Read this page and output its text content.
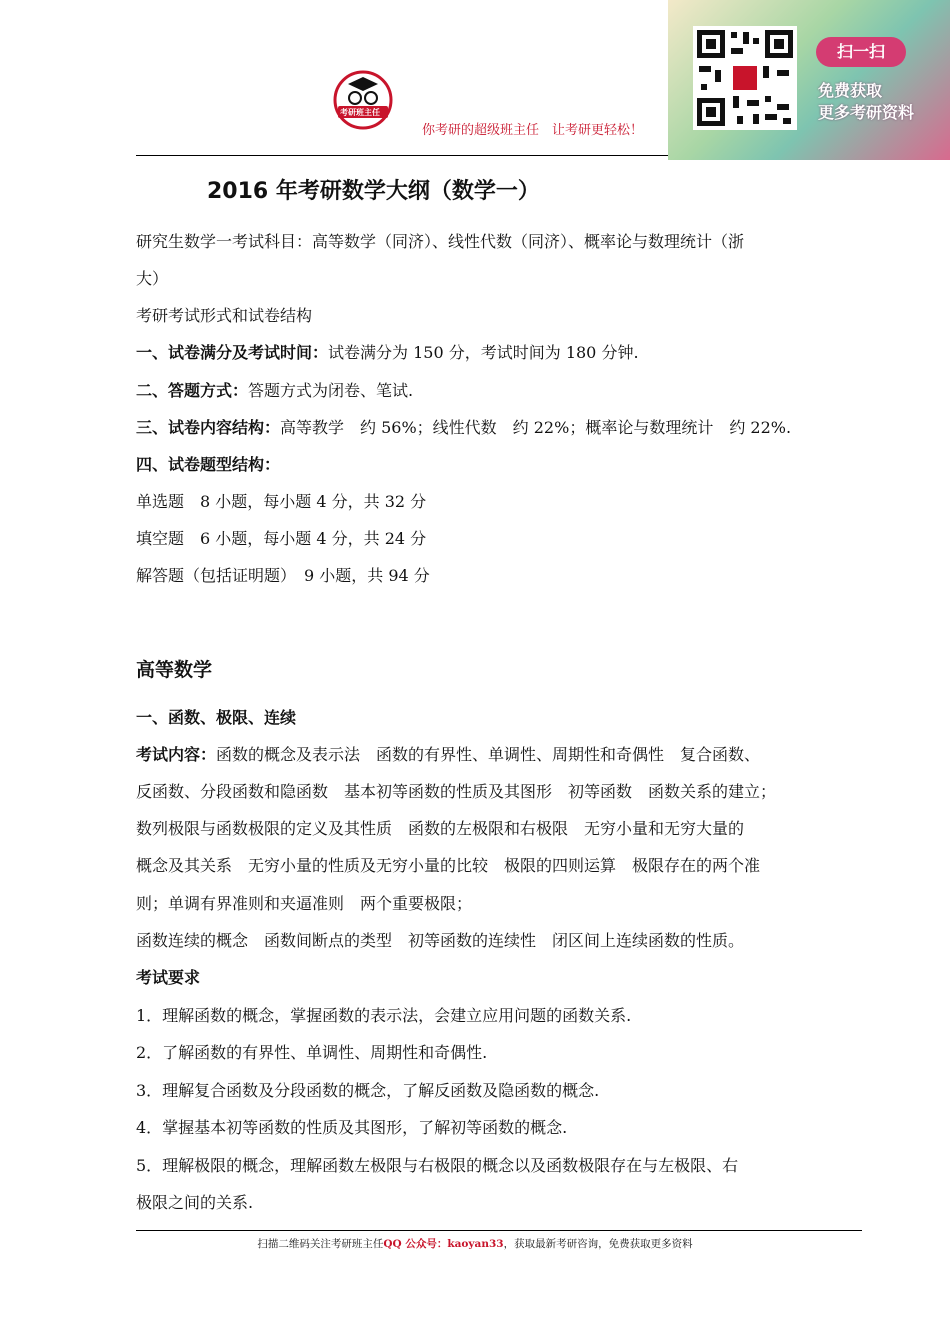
考研班主任
你考研的超级班主任　让考研更轻松！
扫一扫
免费获取
更多考研资料
2016 年考研数学大纲（数学一）
研究生数学一考试科目：高等数学（同济）、线性代数（同济）、概率论与数理统计（浙
大）
考研考试形式和试卷结构
一、试卷满分及考试时间：试卷满分为 150 分，考试时间为 180 分钟.
二、答题方式：答题方式为闭卷、笔试.
三、试卷内容结构：高等教学　约 56%；线性代数　约 22%；概率论与数理统计　约 22%.
四、试卷题型结构：
单选题　8 小题，每小题 4 分，共 32 分
填空题　6 小题，每小题 4 分，共 24 分
解答题（包括证明题）　9 小题，共 94 分
高等数学
一、函数、极限、连续
考试内容：函数的概念及表示法　函数的有界性、单调性、周期性和奇偶性　复合函数、
反函数、分段函数和隐函数　基本初等函数的性质及其图形　初等函数　函数关系的建立；
数列极限与函数极限的定义及其性质　函数的左极限和右极限　无穷小量和无穷大量的
概念及其关系　无穷小量的性质及无穷小量的比较　极限的四则运算　极限存在的两个准
则；单调有界准则和夹逼准则　两个重要极限；
函数连续的概念　函数间断点的类型　初等函数的连续性　闭区间上连续函数的性质。
考试要求
1．理解函数的概念，掌握函数的表示法，会建立应用问题的函数关系.
2．了解函数的有界性、单调性、周期性和奇偶性.
3．理解复合函数及分段函数的概念，了解反函数及隐函数的概念.
4．掌握基本初等函数的性质及其图形，了解初等函数的概念.
5．理解极限的概念，理解函数左极限与右极限的概念以及函数极限存在与左极限、右
极限之间的关系.
扫描二维码关注考研班主任QQ 公众号：kaoyan33，获取最新考研咨询，免费获取更多资料
